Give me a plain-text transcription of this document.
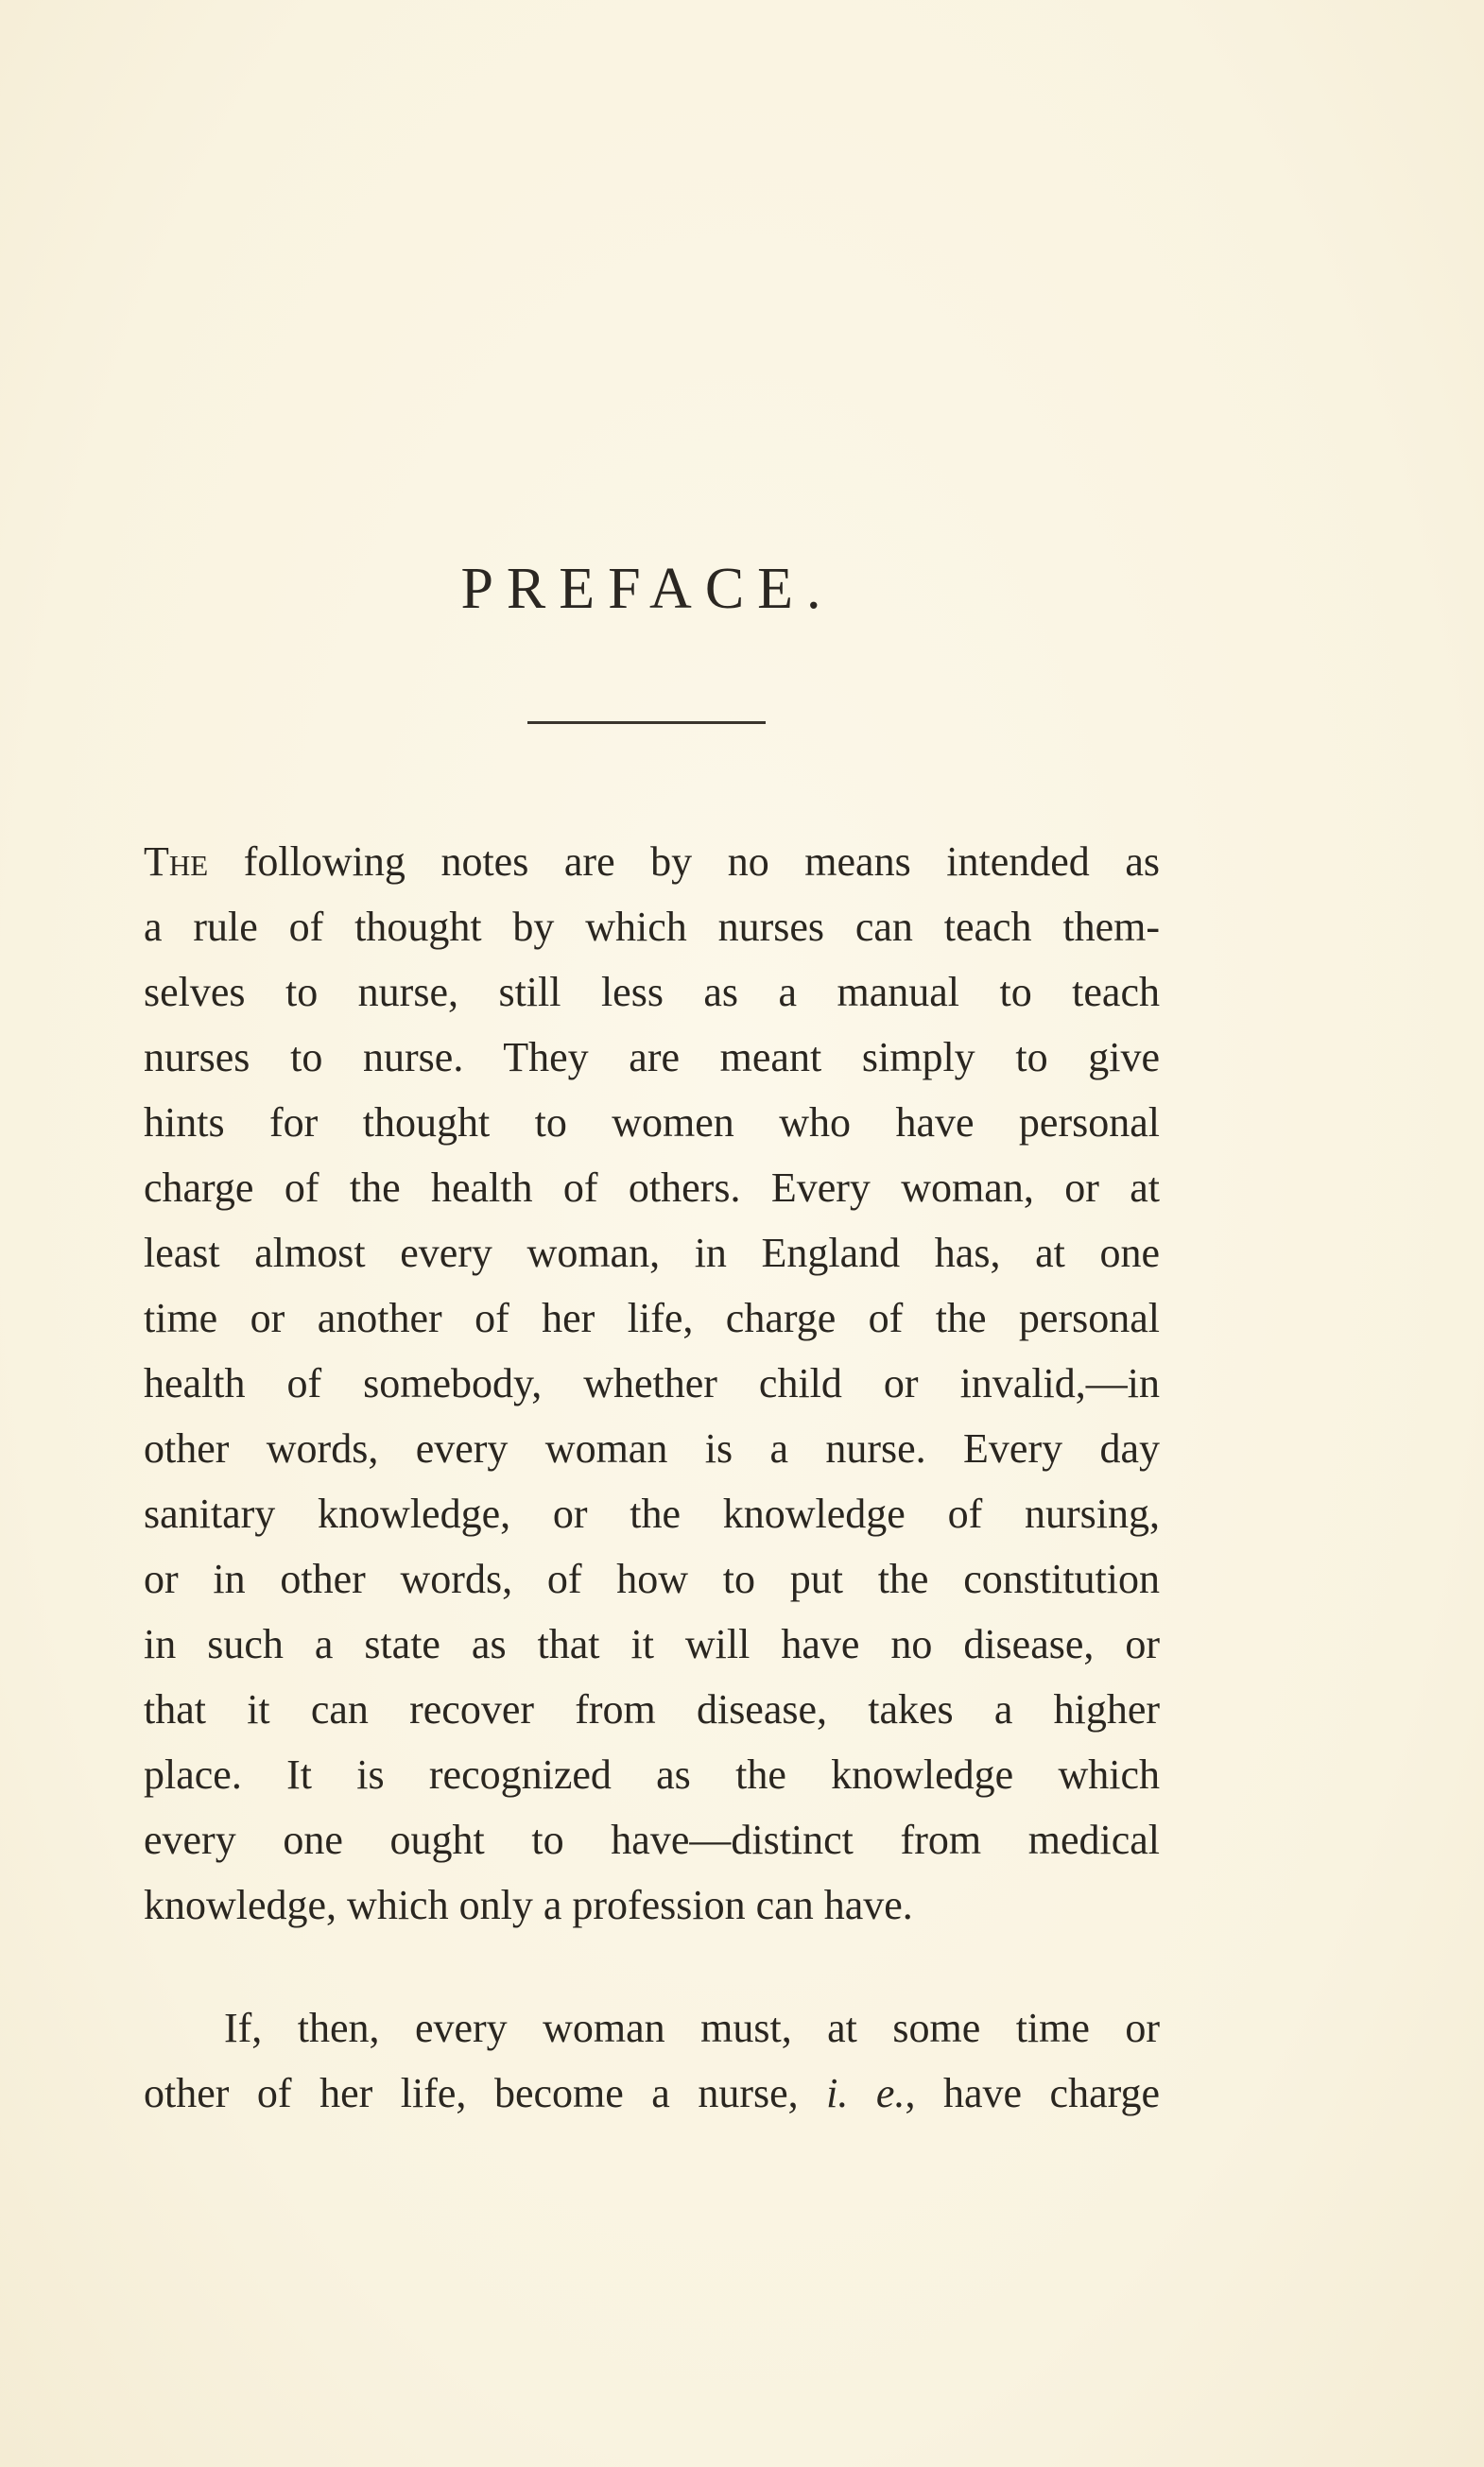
PREFACE.
The following notes are by no means intended as
a rule of thought by which nurses can teach them-
selves to nurse, still less as a manual to teach
nurses to nurse. They are meant simply to give
hints for thought to women who have personal
charge of the health of others. Every woman, or at
least almost every woman, in England has, at one
time or another of her life, charge of the personal
health of somebody, whether child or invalid,—in
other words, every woman is a nurse. Every day
sanitary knowledge, or the knowledge of nursing,
or in other words, of how to put the constitution
in such a state as that it will have no disease, or
that it can recover from disease, takes a higher
place. It is recognized as the knowledge which
every one ought to have—distinct from medical
knowledge, which only a profession can have.
If, then, every woman must, at some time or
other of her life, become a nurse, i. e., have charge
